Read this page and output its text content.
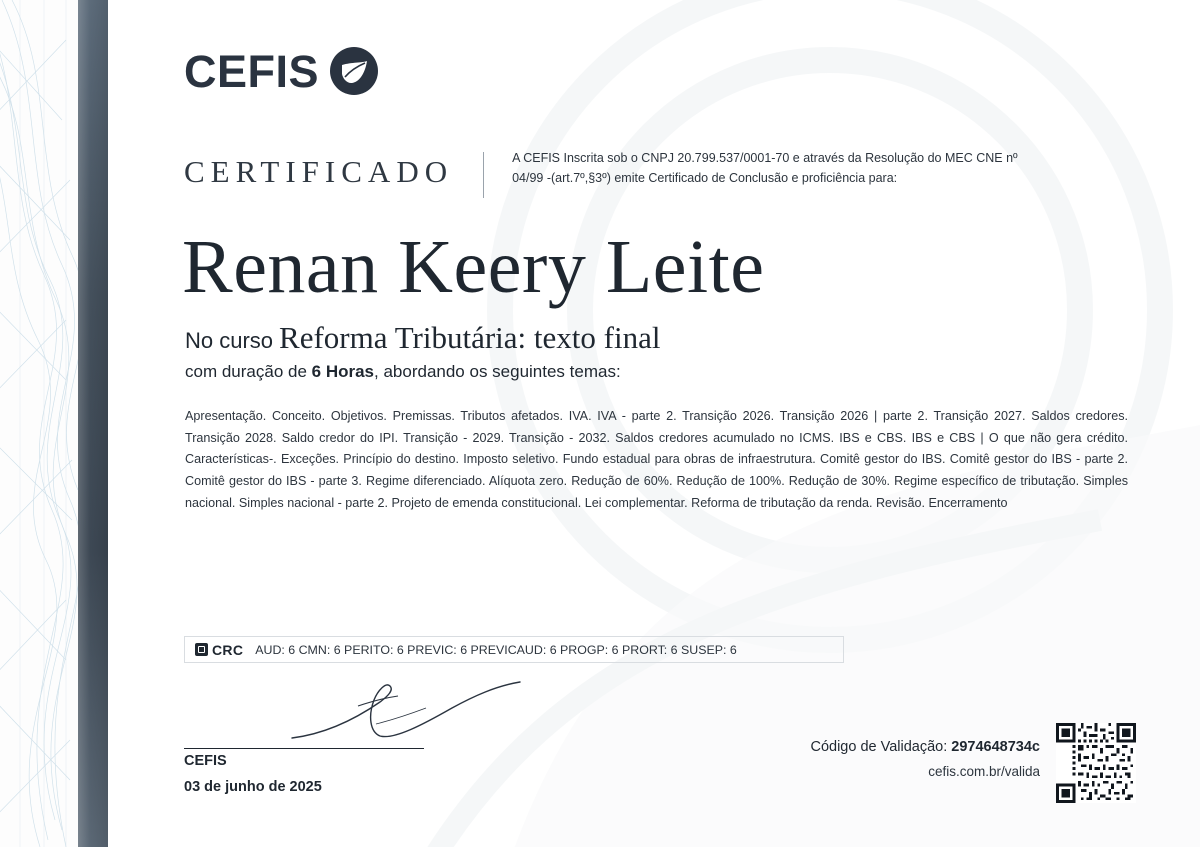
CEFIS
CERTIFICADO	A CEFIS Inscrita sob o CNPJ 20.799.537/0001-70 e através da Resolução do MEC CNE nº 04/99 -(art.7º,§3º) emite Certificado de Conclusão e proficiência para:
Renan Keery Leite
No curso Reforma Tributária: texto final
com duração de 6 Horas, abordando os seguintes temas:
Apresentação. Conceito. Objetivos. Premissas. Tributos afetados. IVA. IVA - parte 2. Transição 2026. Transição 2026 | parte 2. Transição 2027. Saldos credores. Transição 2028. Saldo credor do IPI. Transição - 2029. Transição - 2032. Saldos credores acumulado no ICMS. IBS e CBS. IBS e CBS | O que não gera crédito. Características-. Exceções. Princípio do destino. Imposto seletivo. Fundo estadual para obras de infraestrutura. Comitê gestor do IBS. Comitê gestor do IBS - parte 2. Comitê gestor do IBS - parte 3. Regime diferenciado. Alíquota zero. Redução de 60%. Redução de 100%. Redução de 30%. Regime específico de tributação. Simples nacional. Simples nacional - parte 2. Projeto de emenda constitucional. Lei complementar. Reforma de tributação da renda. Revisão. Encerramento
CRC AUD: 6 CMN: 6 PERITO: 6 PREVIC: 6 PREVICAUD: 6 PROGP: 6 PRORT: 6 SUSEP: 6
CEFIS
03 de junho de 2025
Código de Validação: 2974648734c
cefis.com.br/valida
